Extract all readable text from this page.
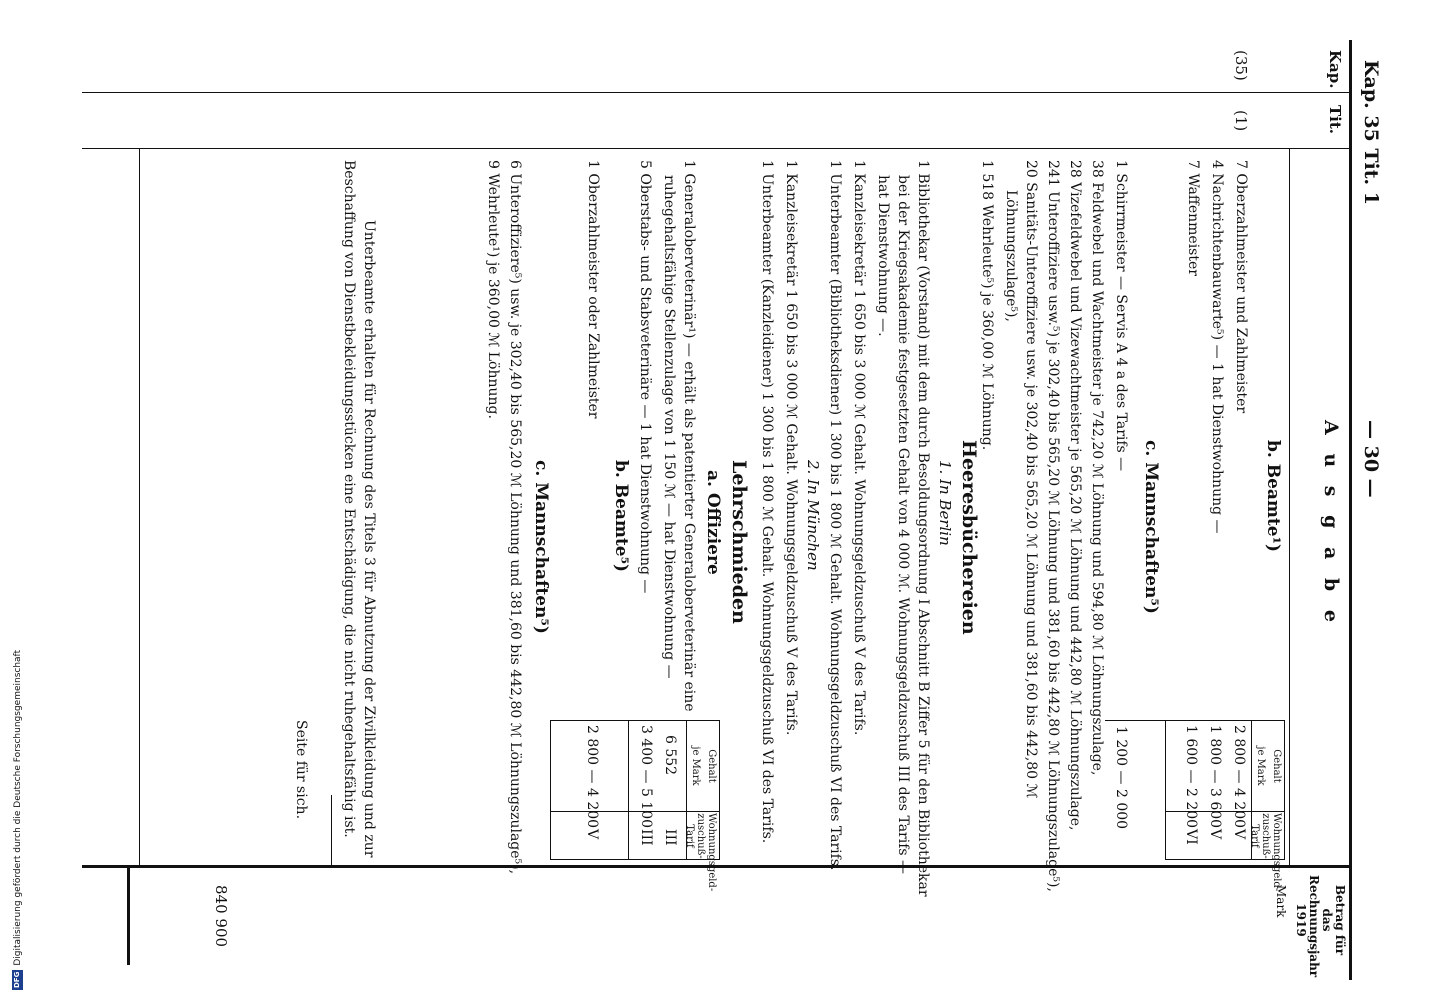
DFG
Digitalisierung gefördert durch die Deutsche Forschungsgemeinschaft
Kap. 35 Tit. 1
— 30 —
Kap.
Tit.
(35)
(1)
A u s g a b e
Betrag für das Rechnungsjahr 1919
Mark
b. Beamte¹)
7 Oberzahlmeister und Zahlmeister
4 Nachrichtenbauwarte⁵) — 1 hat Dienstwohnung —
7 Waffenmeister
Gehalt
je Mark
Wohnungsgeld-zuschuß-Tarif
2 800 — 4 200
V
1 800 — 3 600
V
1 600 — 2 200
VI
c. Mannschaften⁵)
1 Schirrmeister — Servis A 4 a des Tarifs —
1 200 — 2 000
38 Feldwebel und Wachtmeister je 742,20 ℳ Löhnung und 594,80 ℳ Löhnungszulage,
28 Vizefeldwebel und Vizewachtmeister je 565,20 ℳ Löhnung und 442,80 ℳ Löhnungszulage,
241 Unteroffiziere usw.⁵) je 302,40 bis 565,20 ℳ Löhnung und 381,60 bis 442,80 ℳ Löhnungszulage⁵),
20 Sanitäts-Unteroffiziere usw. je 302,40 bis 565,20 ℳ Löhnung und 381,60 bis 442,80 ℳ
Löhnungszulage⁵),
1 518 Wehrleute⁵) je 360,00 ℳ Löhnung.
Heeresbüchereien
1. In Berlin
1 Bibliothekar (Vorstand) mit dem durch Besoldungsordnung I Abschnitt B Ziffer 5 für den Bibliothekar
bei der Kriegsakademie festgesetzten Gehalt von 4 000 ℳ. Wohnungsgeldzuschuß III des Tarifs —
hat Dienstwohnung —.
1 Kanzleisekretär 1 650 bis 3 000 ℳ Gehalt. Wohnungsgeldzuschuß V des Tarifs.
1 Unterbeamter (Bibliotheksdiener) 1 300 bis 1 800 ℳ Gehalt. Wohnungsgeldzuschuß VI des Tarifs.
2. In München
1 Kanzleisekretär 1 650 bis 3 000 ℳ Gehalt. Wohnungsgeldzuschuß V des Tarifs.
1 Unterbeamter (Kanzleidiener) 1 300 bis 1 800 ℳ Gehalt. Wohnungsgeldzuschuß VI des Tarifs.
Lehrschmieden
a. Offiziere
1 Generaloberveterinär¹) — erhält als patentierter Generaloberveterinär eine
ruhegehaltsfähige Stellenzulage von 1 150 ℳ — hat Dienstwohnung —
5 Oberstabs- und Stabsveterinäre — 1 hat Dienstwohnung —
Gehalt
je Mark
Wohnungsgeld-zuschuß-Tarif
6 552
III
3 400 — 5 100
III
2 800 — 4 200
V
b. Beamte⁵)
1 Oberzahlmeister oder Zahlmeister
c. Mannschaften⁵)
6 Unteroffiziere⁵) usw. je 302,40 bis 565,20 ℳ Löhnung und 381,60 bis 442,80 ℳ Löhnungszulage⁵),
9 Wehrleute¹) je 360,00 ℳ Löhnung.
Unterbeamte erhalten für Rechnung des Titels 3 für Abnutzung der Zivilkleidung und zur
Beschaffung von Dienstbekleidungsstücken eine Entschädigung, die nicht ruhegehaltsfähig ist.
840 900
Seite für sich.
